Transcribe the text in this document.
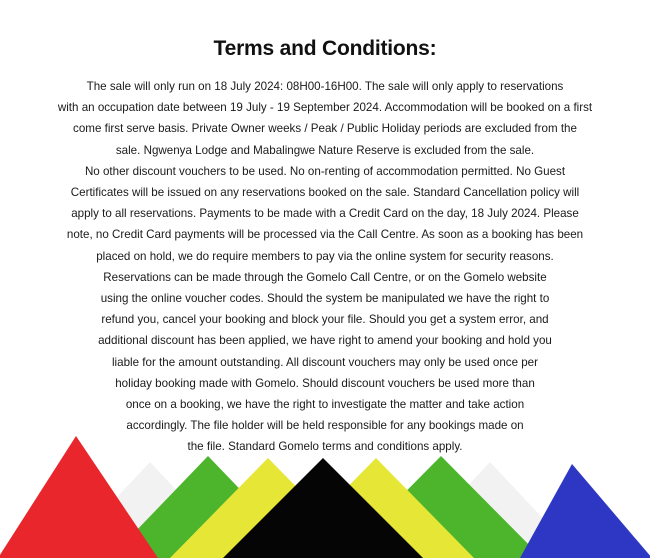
Terms and Conditions:
The sale will only run on 18 July 2024: 08H00-16H00. The sale will only apply to reservations
with an occupation date between 19 July - 19 September 2024. Accommodation will be booked on a first
come first serve basis. Private Owner weeks / Peak / Public Holiday periods are excluded from the
sale. Ngwenya Lodge and Mabalingwe Nature Reserve is excluded from the sale.
No other discount vouchers to be used. No on-renting of accommodation permitted. No Guest
Certificates will be issued on any reservations booked on the sale. Standard Cancellation policy will
apply to all reservations. Payments to be made with a Credit Card on the day, 18 July 2024. Please
note, no Credit Card payments will be processed via the Call Centre. As soon as a booking has been
placed on hold, we do require members to pay via the online system for security reasons.
Reservations can be made through the Gomelo Call Centre, or on the Gomelo website
using the online voucher codes. Should the system be manipulated we have the right to
refund you, cancel your booking and block your file. Should you get a system error, and
additional discount has been applied, we have right to amend your booking and hold you
liable for the amount outstanding. All discount vouchers may only be used once per
holiday booking made with Gomelo. Should discount vouchers be used more than
once on a booking, we have the right to investigate the matter and take action
accordingly. The file holder will be held responsible for any bookings made on
the file. Standard Gomelo terms and conditions apply.
